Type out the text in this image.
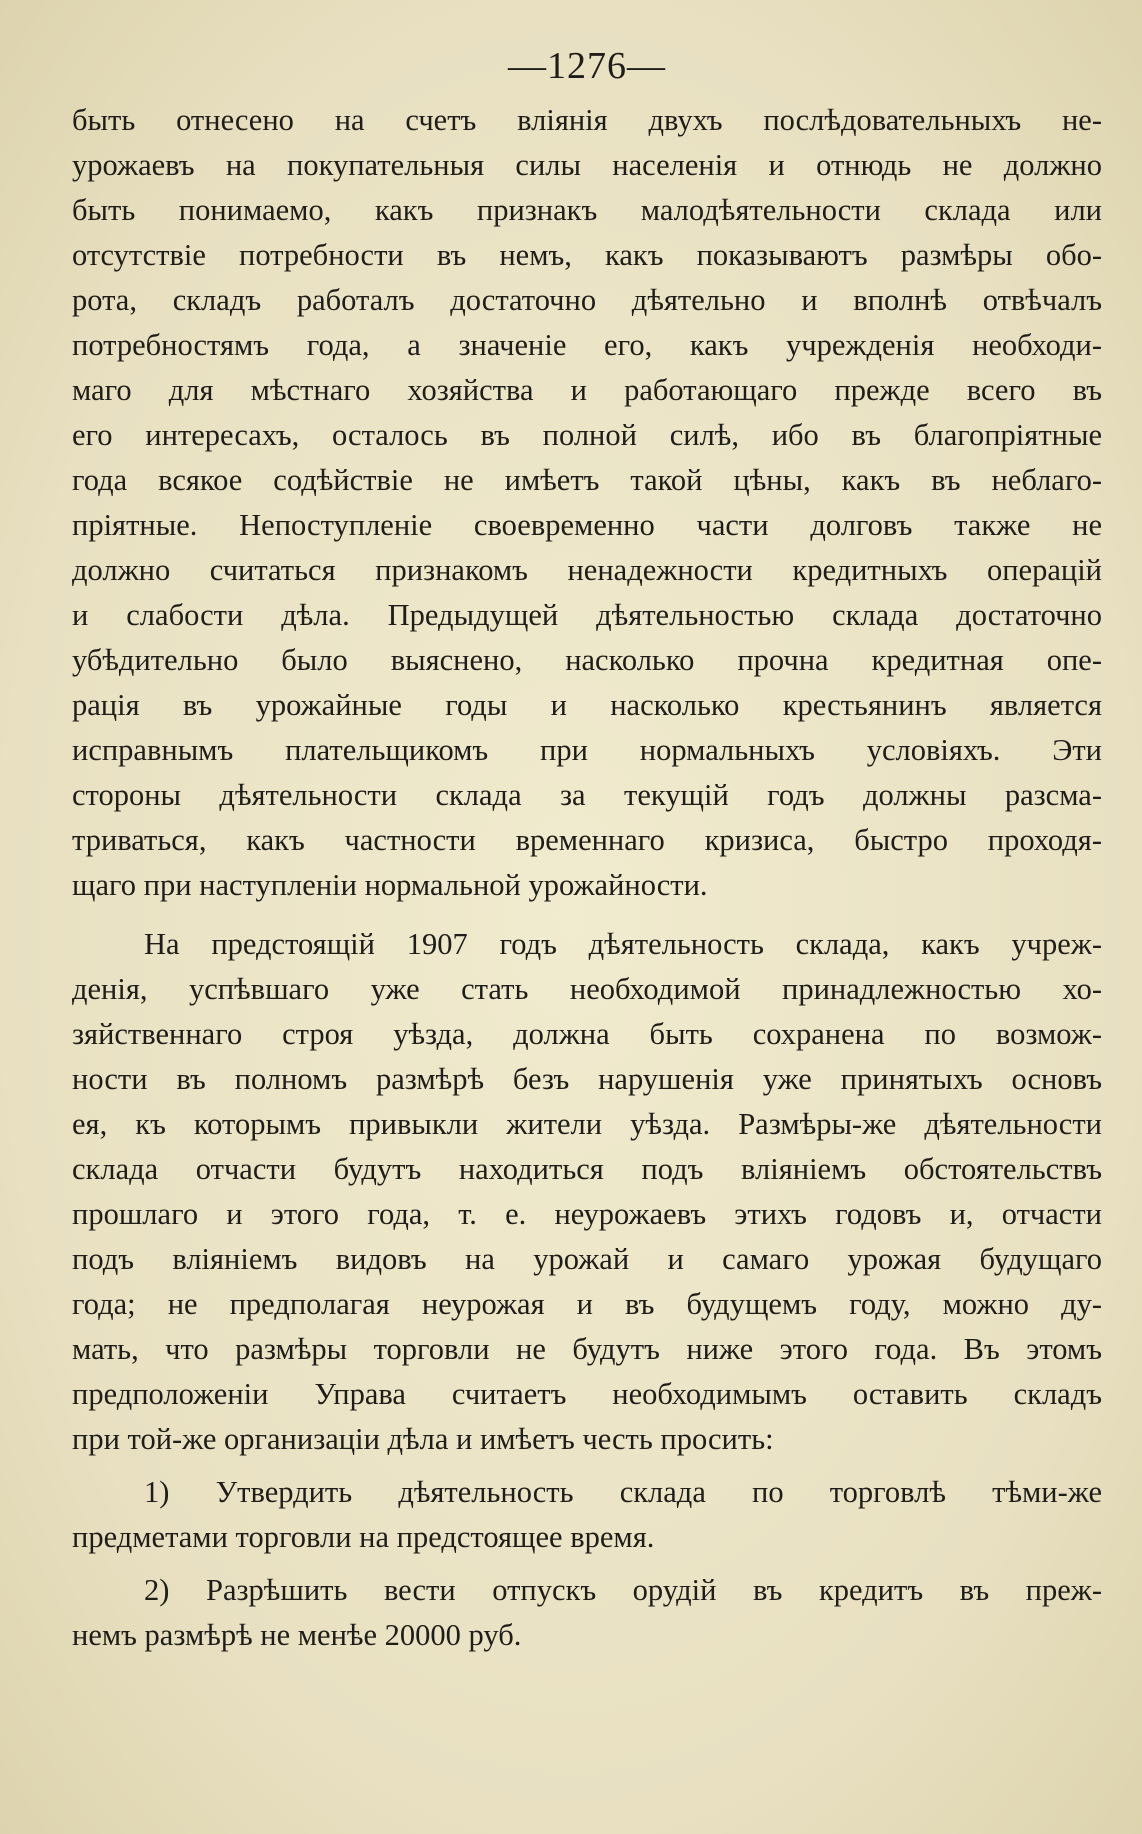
—1276—
быть отнесено на счетъ влiянiя двухъ послѣдовательныхъ не-
урожаевъ на покупательныя силы населенiя и отнюдь не должно
быть понимаемо, какъ признакъ малодѣятельности склада или
отсутствiе потребности въ немъ, какъ показываютъ размѣры обо-
рота, складъ работалъ достаточно дѣятельно и вполнѣ отвѣчалъ
потребностямъ года, а значенiе его, какъ учрежденiя необходи-
маго для мѣстнаго хозяйства и работающаго прежде всего въ
его интересахъ, осталось въ полной силѣ, ибо въ благопрiятные
года всякое содѣйствiе не имѣетъ такой цѣны, какъ въ неблаго-
прiятные. Непоступленiе своевременно части долговъ также не
должно считаться признакомъ ненадежности кредитныхъ операцiй
и слабости дѣла. Предыдущей дѣятельностью склада достаточно
убѣдительно было выяснено, насколько прочна кредитная опе-
рацiя въ урожайные годы и насколько крестьянинъ является
исправнымъ плательщикомъ при нормальныхъ условiяхъ. Эти
стороны дѣятельности склада за текущiй годъ должны разсма-
триваться, какъ частности временнаго кризиса, быстро проходя-
щаго при наступленiи нормальной урожайности.
На предстоящiй 1907 годъ дѣятельность склада, какъ учреж-
денiя, успѣвшаго уже стать необходимой принадлежностью хо-
зяйственнаго строя уѣзда, должна быть сохранена по возмож-
ности въ полномъ размѣрѣ безъ нарушенiя уже принятыхъ основъ
ея, къ которымъ привыкли жители уѣзда. Размѣры-же дѣятельности
склада отчасти будутъ находиться подъ влiянiемъ обстоятельствъ
прошлаго и этого года, т. е. неурожаевъ этихъ годовъ и, отчасти
подъ влiянiемъ видовъ на урожай и самаго урожая будущаго
года; не предполагая неурожая и въ будущемъ году, можно ду-
мать, что размѣры торговли не будутъ ниже этого года. Въ этомъ
предположенiи Управа считаетъ необходимымъ оставить складъ
при той-же организацiи дѣла и имѣетъ честь просить:
1) Утвердить дѣятельность склада по торговлѣ тѣми-же
предметами торговли на предстоящее время.
2) Разрѣшить вести отпускъ орудiй въ кредитъ въ преж-
немъ размѣрѣ не менѣе 20000 руб.
